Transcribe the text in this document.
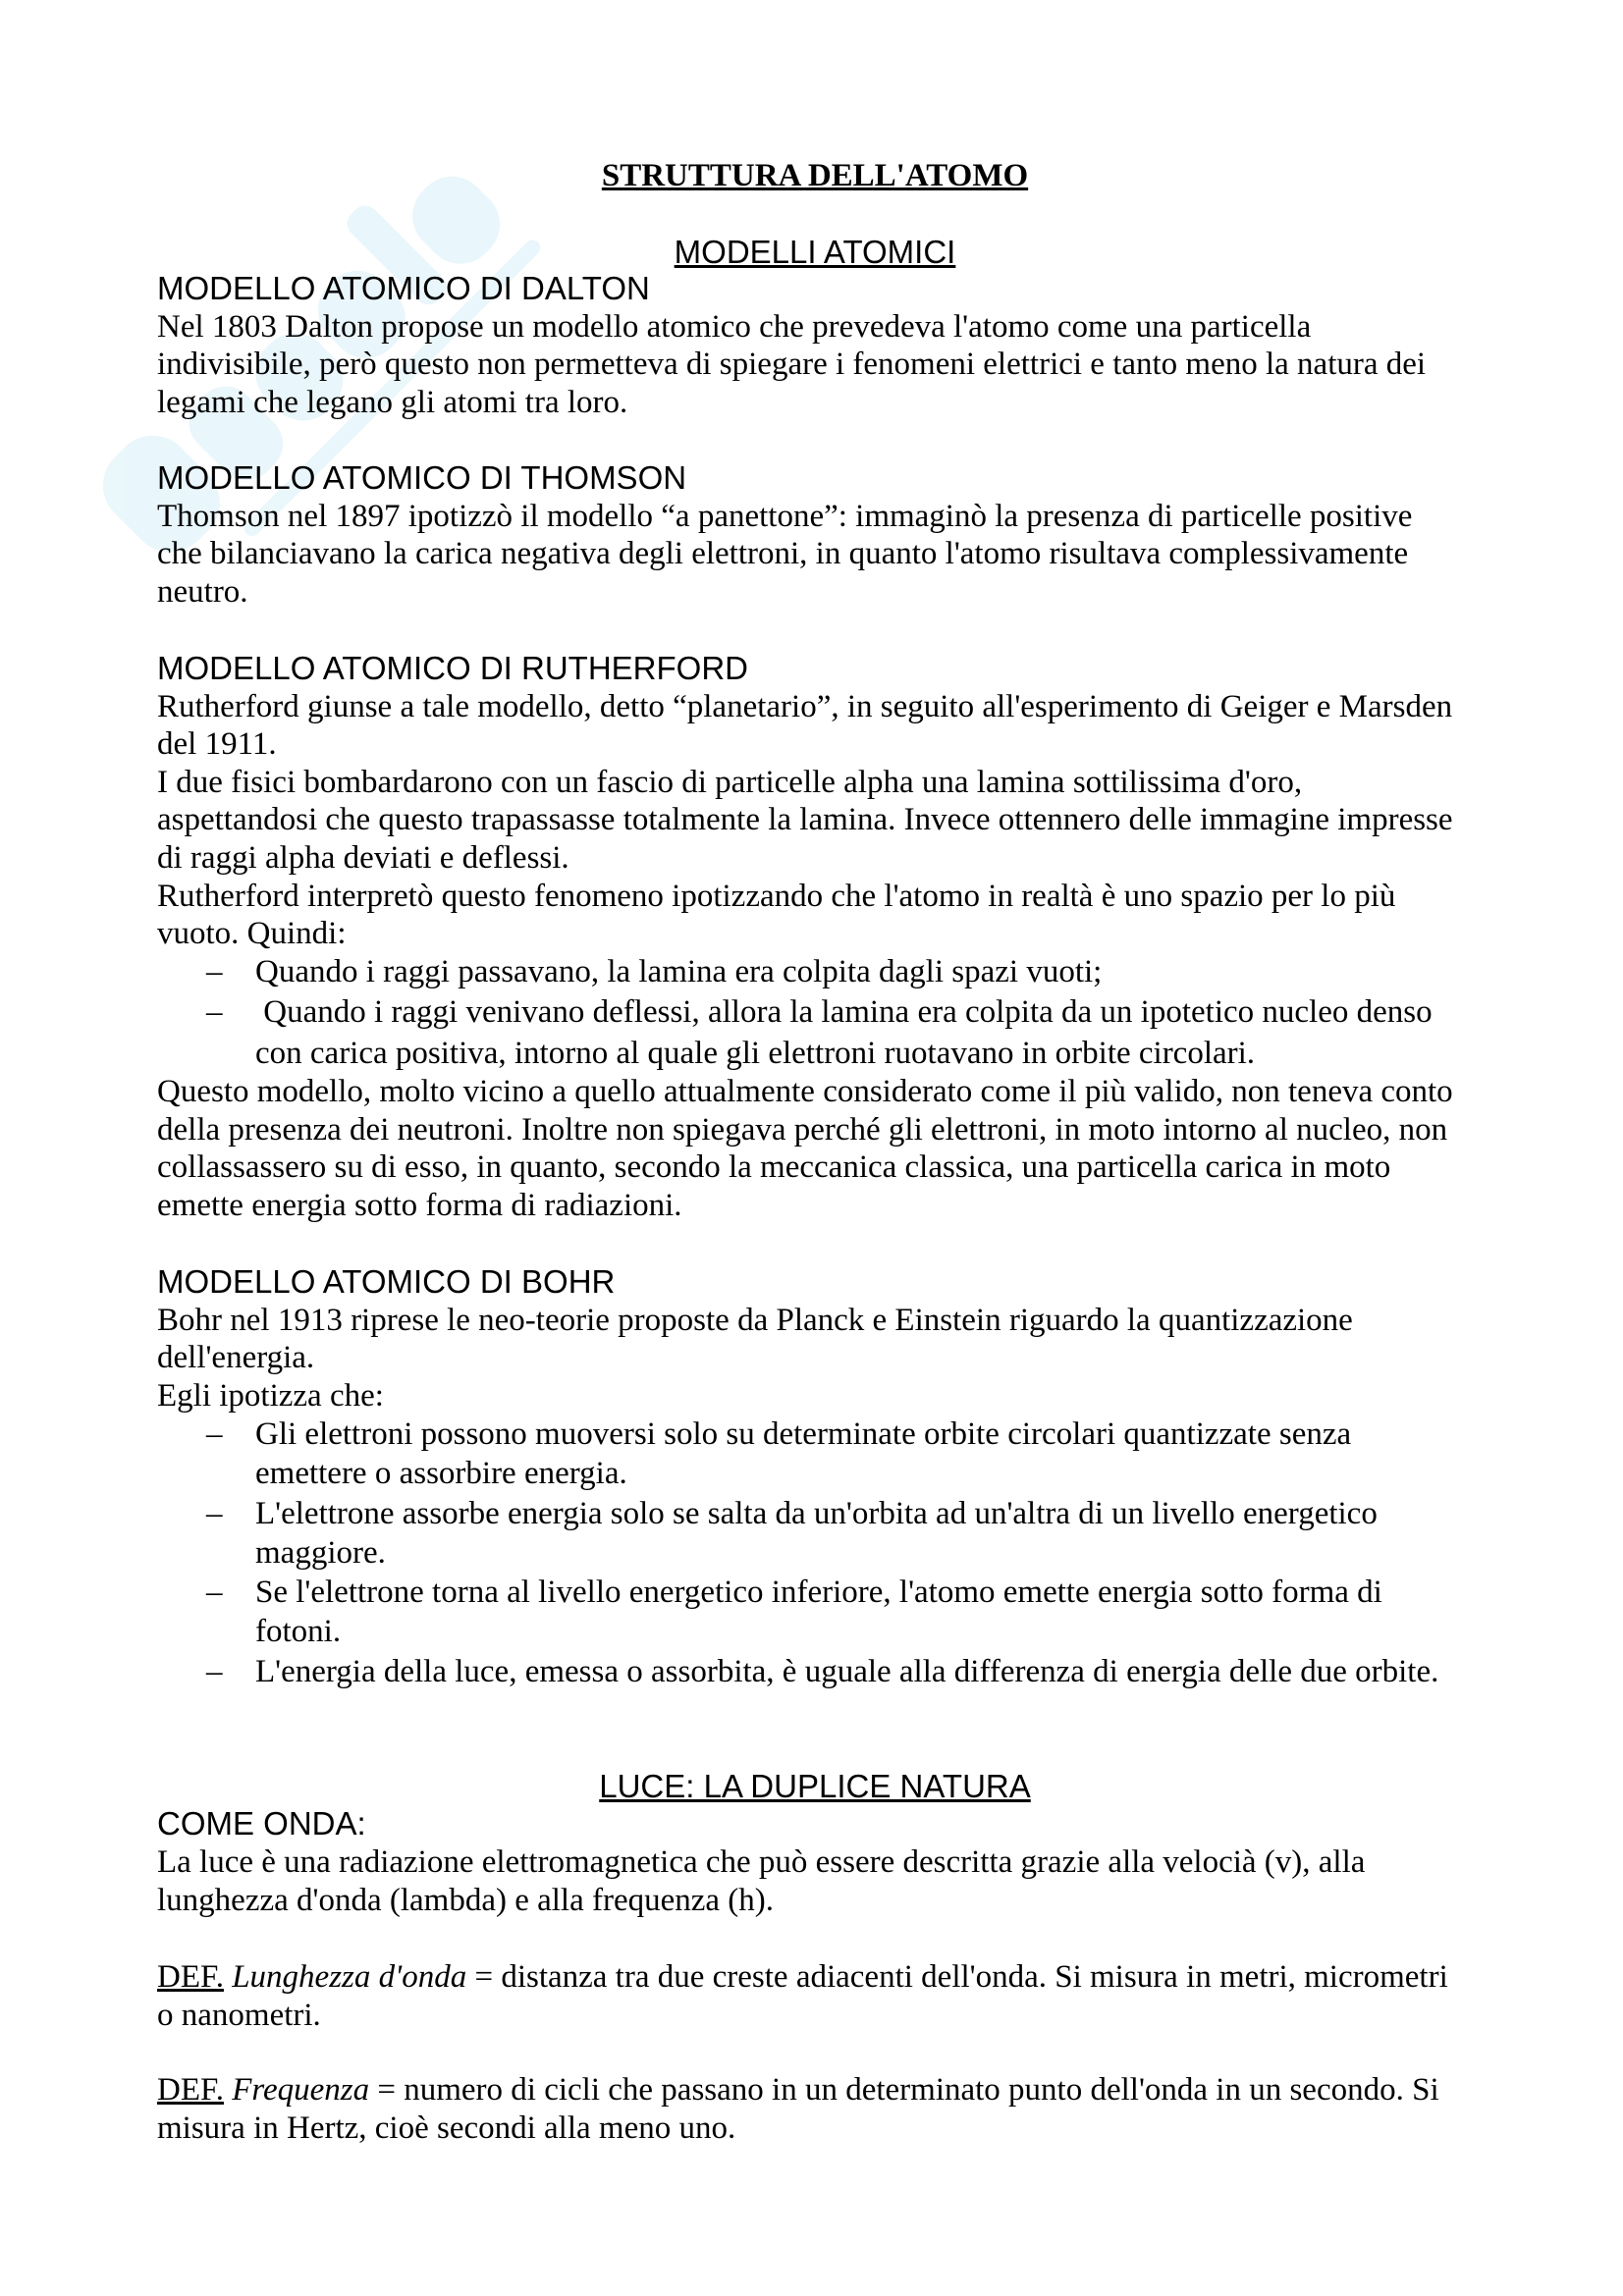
STRUTTURA DELL'ATOMO
MODELLI ATOMICI
MODELLO ATOMICO DI DALTON
Nel 1803 Dalton propose un modello atomico che prevedeva l'atomo come una particella
indivisibile, però questo non permetteva di spiegare i fenomeni elettrici e tanto meno la natura dei
legami che legano gli atomi tra loro.
MODELLO ATOMICO DI THOMSON
Thomson nel 1897 ipotizzò il modello “a panettone”: immaginò la presenza di particelle positive
che bilanciavano la carica negativa degli elettroni, in quanto l'atomo risultava complessivamente
neutro.
MODELLO ATOMICO DI RUTHERFORD
Rutherford giunse a tale modello, detto “planetario”, in seguito all'esperimento di Geiger e Marsden
del 1911.
I due fisici bombardarono con un fascio di particelle alpha una lamina sottilissima d'oro,
aspettandosi che questo trapassasse totalmente la lamina. Invece ottennero delle immagine impresse
di raggi alpha deviati e deflessi.
Rutherford interpretò questo fenomeno ipotizzando che l'atomo in realtà è uno spazio per lo più
vuoto. Quindi:
– Quando i raggi passavano, la lamina era colpita dagli spazi vuoti;
– Quando i raggi venivano deflessi, allora la lamina era colpita da un ipotetico nucleo denso
con carica positiva, intorno al quale gli elettroni ruotavano in orbite circolari.
Questo modello, molto vicino a quello attualmente considerato come il più valido, non teneva conto
della presenza dei neutroni. Inoltre non spiegava perché gli elettroni, in moto intorno al nucleo, non
collassassero su di esso, in quanto, secondo la meccanica classica, una particella carica in moto
emette energia sotto forma di radiazioni.
MODELLO ATOMICO DI BOHR
Bohr nel 1913 riprese le neo-teorie proposte da Planck e Einstein riguardo la quantizzazione
dell'energia.
Egli ipotizza che:
– Gli elettroni possono muoversi solo su determinate orbite circolari quantizzate senza
emettere o assorbire energia.
– L'elettrone assorbe energia solo se salta da un'orbita ad un'altra di un livello energetico
maggiore.
– Se l'elettrone torna al livello energetico inferiore, l'atomo emette energia sotto forma di
fotoni.
– L'energia della luce, emessa o assorbita, è uguale alla differenza di energia delle due orbite.
LUCE: LA DUPLICE NATURA
COME ONDA:
La luce è una radiazione elettromagnetica che può essere descritta grazie alla velocià (v), alla
lunghezza d'onda (lambda) e alla frequenza (h).
DEF. Lunghezza d'onda = distanza tra due creste adiacenti dell'onda. Si misura in metri, micrometri
o nanometri.
DEF. Frequenza = numero di cicli che passano in un determinato punto dell'onda in un secondo. Si
misura in Hertz, cioè secondi alla meno uno.
